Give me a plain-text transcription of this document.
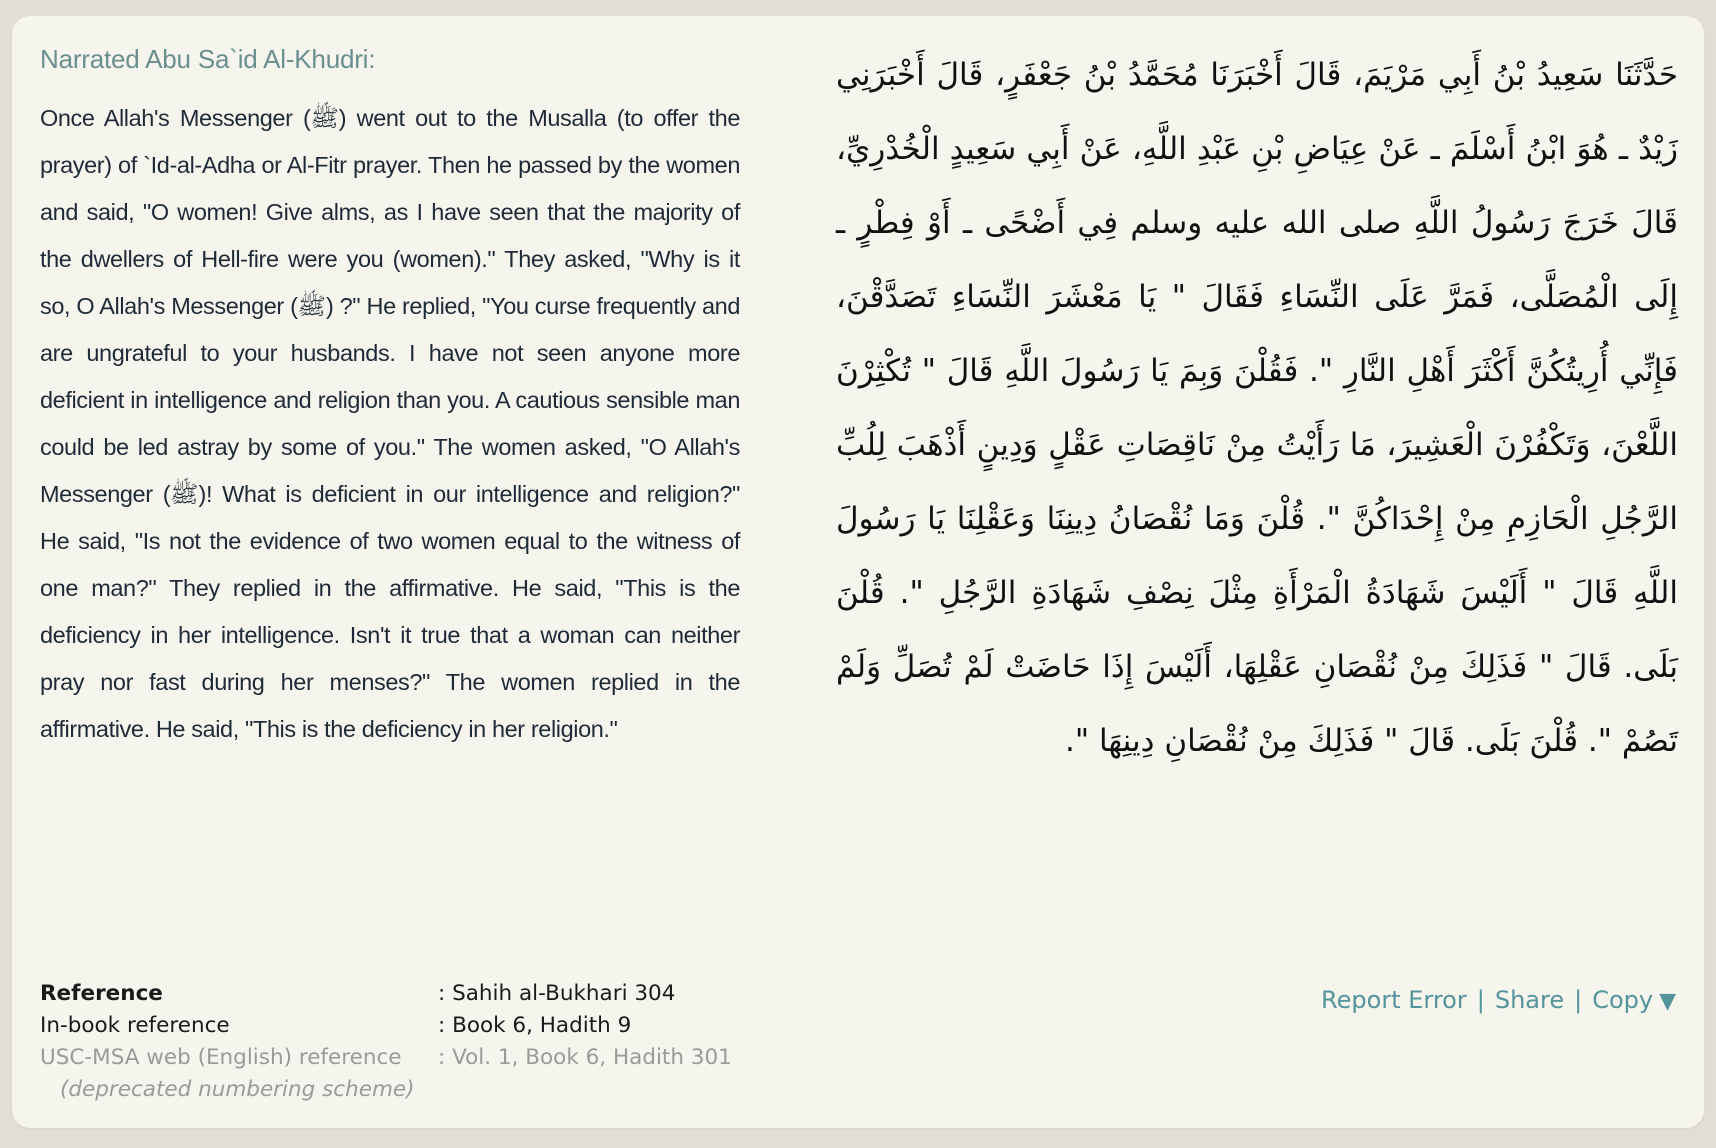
Narrated Abu Sa`id Al-Khudri:

Once Allah's Messenger (ﷺ) went out to the Musalla (to offer the prayer) of `Id-al-Adha or Al-Fitr prayer. Then he passed by the women and said, "O women! Give alms, as I have seen that the majority of the dwellers of Hell-fire were you (women)." They asked, "Why is it so, O Allah's Messenger (ﷺ) ?" He replied, "You curse frequently and are ungrateful to your husbands. I have not seen anyone more deficient in intelligence and religion than you. A cautious sensible man could be led astray by some of you." The women asked, "O Allah's Messenger (ﷺ)! What is deficient in our intelligence and religion?" He said, "Is not the evidence of two women equal to the witness of one man?" They replied in the affirmative. He said, "This is the deficiency in her intelligence. Isn't it true that a woman can neither pray nor fast during her menses?" The women replied in the affirmative. He said, "This is the deficiency in her religion."

حَدَّثَنَا سَعِيدُ بْنُ أَبِي مَرْيَمَ، قَالَ أَخْبَرَنَا مُحَمَّدُ بْنُ جَعْفَرٍ، قَالَ أَخْبَرَنِي زَيْدٌ ـ هُوَ ابْنُ أَسْلَمَ ـ عَنْ عِيَاضِ بْنِ عَبْدِ اللَّهِ، عَنْ أَبِي سَعِيدٍ الْخُدْرِيِّ، قَالَ خَرَجَ رَسُولُ اللَّهِ صلى الله عليه وسلم فِي أَضْحًى ـ أَوْ فِطْرٍ ـ إِلَى الْمُصَلَّى، فَمَرَّ عَلَى النِّسَاءِ فَقَالَ " يَا مَعْشَرَ النِّسَاءِ تَصَدَّقْنَ، فَإِنِّي أُرِيتُكُنَّ أَكْثَرَ أَهْلِ النَّارِ ". فَقُلْنَ وَبِمَ يَا رَسُولَ اللَّهِ قَالَ " تُكْثِرْنَ اللَّعْنَ، وَتَكْفُرْنَ الْعَشِيرَ، مَا رَأَيْتُ مِنْ نَاقِصَاتِ عَقْلٍ وَدِينٍ أَذْهَبَ لِلُبِّ الرَّجُلِ الْحَازِمِ مِنْ إِحْدَاكُنَّ ". قُلْنَ وَمَا نُقْصَانُ دِينِنَا وَعَقْلِنَا يَا رَسُولَ اللَّهِ قَالَ " أَلَيْسَ شَهَادَةُ الْمَرْأَةِ مِثْلَ نِصْفِ شَهَادَةِ الرَّجُلِ ". قُلْنَ بَلَى. قَالَ " فَذَلِكَ مِنْ نُقْصَانِ عَقْلِهَا، أَلَيْسَ إِذَا حَاضَتْ لَمْ تُصَلِّ وَلَمْ تَصُمْ ". قُلْنَ بَلَى. قَالَ " فَذَلِكَ مِنْ نُقْصَانِ دِينِهَا ".

Reference	: Sahih al-Bukhari 304
In-book reference	: Book 6, Hadith 9
USC-MSA web (English) reference	: Vol. 1, Book 6, Hadith 301
(deprecated numbering scheme)
Report Error | Share | Copy ▼
